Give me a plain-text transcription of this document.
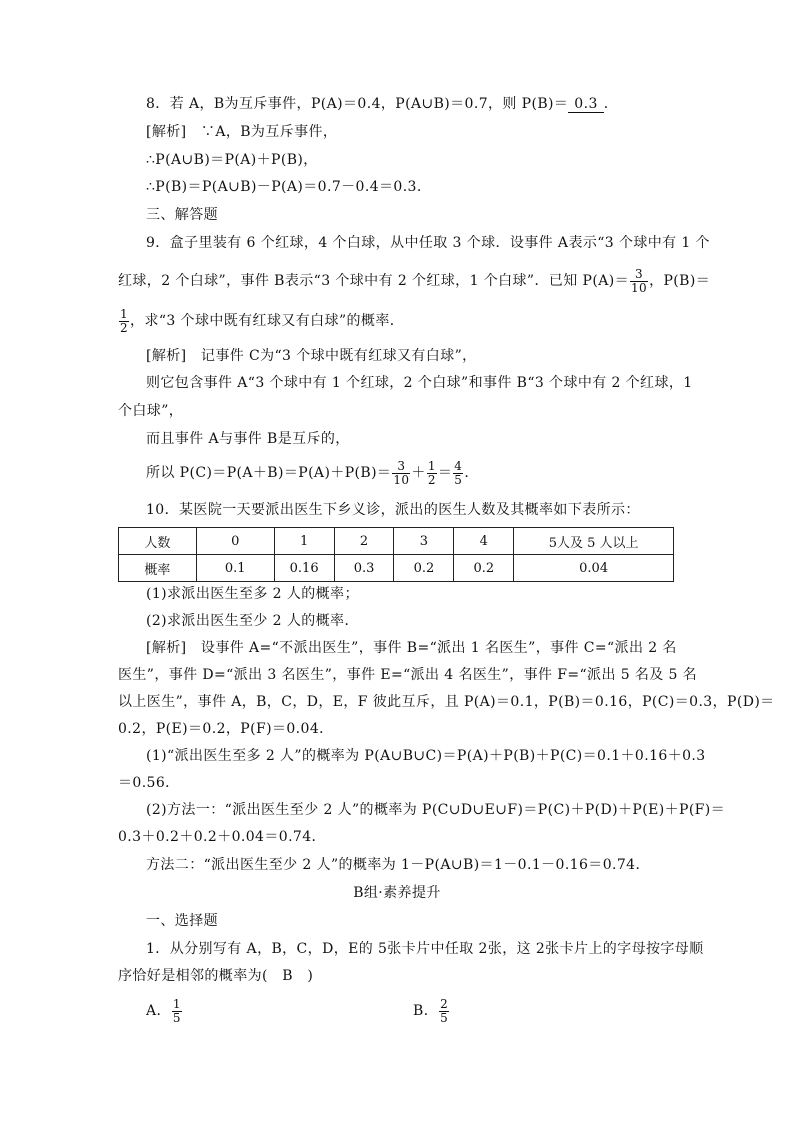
8．若 A，B为互斥事件，P(A)＝0.4，P(A∪B)＝0.7，则 P(B)＝ 0.3 ．
[解析]　∵A，B为互斥事件，
∴P(A∪B)＝P(A)＋P(B)，
∴P(B)＝P(A∪B)－P(A)＝0.7－0.4＝0.3.
三、解答题
9．盒子里装有 6 个红球，4 个白球，从中任取 3 个球．设事件 A表示“3 个球中有 1 个
红球，2 个白球”，事件 B表示“3 个球中有 2 个红球，1 个白球”．已知 $P(A)= \frac{3}{10}$ ，P(B)＝
$\frac{1}{2}$ ，求“3 个球中既有红球又有白球”的概率．
[解析]　记事件 C为“3 个球中既有红球又有白球”，
则它包含事件 A“3 个球中有 1 个红球，2 个白球”和事件 B“3 个球中有 2 个红球，1
个白球”，
而且事件 A与事件 B是互斥的，
所以 $P(C)=P(A+B)=P(A)+P(B)= \frac{3}{10} + \frac{1}{2} = \frac{4}{5}$ .
10．某医院一天要派出医生下乡义诊，派出的医生人数及其概率如下表所示：
人数	0	1	2	3	4	5人及 5 人以上
概率	0.1	0.16	0.3	0.2	0.2	0.04
(1)求派出医生至多 2 人的概率；
(2)求派出医生至少 2 人的概率．
[解析]　设事件 A=“不派出医生”，事件 B=“派出 1 名医生”，事件 C=“派出 2 名
医生”，事件 D=“派出 3 名医生”，事件 E=“派出 4 名医生”，事件 F=“派出 5 名及 5 名
以上医生”，事件 A，B，C，D，E，F 彼此互斥，且 P(A)＝0.1，P(B)＝0.16，P(C)＝0.3，P(D)＝
0.2，P(E)＝0.2，P(F)＝0.04．
(1)“派出医生至多 2 人”的概率为 P(A∪B∪C)＝P(A)＋P(B)＋P(C)＝0.1＋0.16＋0.3
＝0.56．
(2)方法一：“派出医生至少 2 人”的概率为 P(C∪D∪E∪F)＝P(C)＋P(D)＋P(E)＋P(F)＝
0.3＋0.2＋0.2＋0.04＝0.74．
方法二：“派出医生至少 2 人”的概率为 1－P(A∪B)＝1－0.1－0.16＝0.74．
B组·素养提升
一、选择题
1．从分别写有 A，B，C，D，E的 5张卡片中任取 2张，这 2张卡片上的字母按字母顺
序恰好是相邻的概率为(　B　)
A． $\frac{1}{5}$	B． $\frac{2}{5}$
